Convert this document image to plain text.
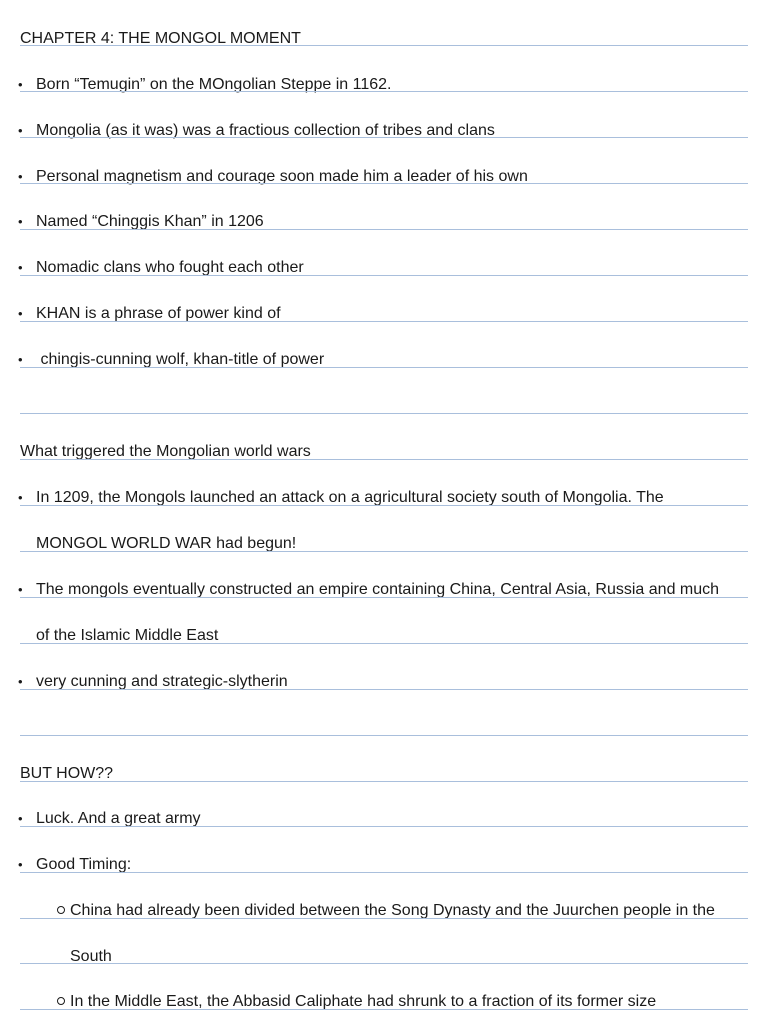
CHAPTER 4: THE MONGOL MOMENT
• Born “Temugin” on the MOngolian Steppe in 1162.
• Mongolia (as it was) was a fractious collection of tribes and clans
• Personal magnetism and courage soon made him a leader of his own
• Named “Chinggis Khan” in 1206
• Nomadic clans who fought each other
• KHAN is a phrase of power kind of
• chingis-cunning wolf, khan-title of power
What triggered the Mongolian world wars
• In 1209, the Mongols launched an attack on a agricultural society south of Mongolia. The
MONGOL WORLD WAR had begun!
• The mongols eventually constructed an empire containing China, Central Asia, Russia and much
of the Islamic Middle East
• very cunning and strategic-slytherin
BUT HOW??
• Luck. And a great army
• Good Timing:
China had already been divided between the Song Dynasty and the Juurchen people in the
South
In the Middle East, the Abbasid Caliphate had shrunk to a fraction of its former size
